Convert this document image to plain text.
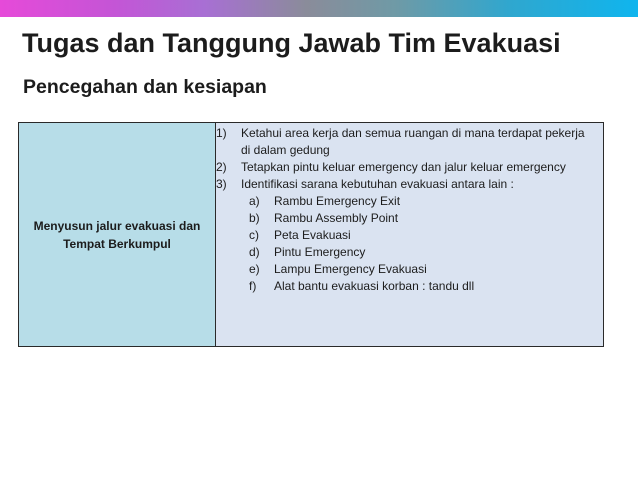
Tugas dan Tanggung Jawab Tim Evakuasi
Pencegahan dan kesiapan
Menyusun jalur evakuasi dan Tempat Berkumpul
1)	Ketahui area kerja dan semua ruangan di mana terdapat pekerja di dalam gedung
2)	Tetapkan pintu keluar emergency dan jalur keluar emergency
3)	Identifikasi sarana kebutuhan evakuasi antara lain :
a)	Rambu Emergency Exit
b)	Rambu Assembly Point
c)	Peta Evakuasi
d)	Pintu Emergency
e)	Lampu Emergency Evakuasi
f)	Alat bantu evakuasi korban : tandu dll
